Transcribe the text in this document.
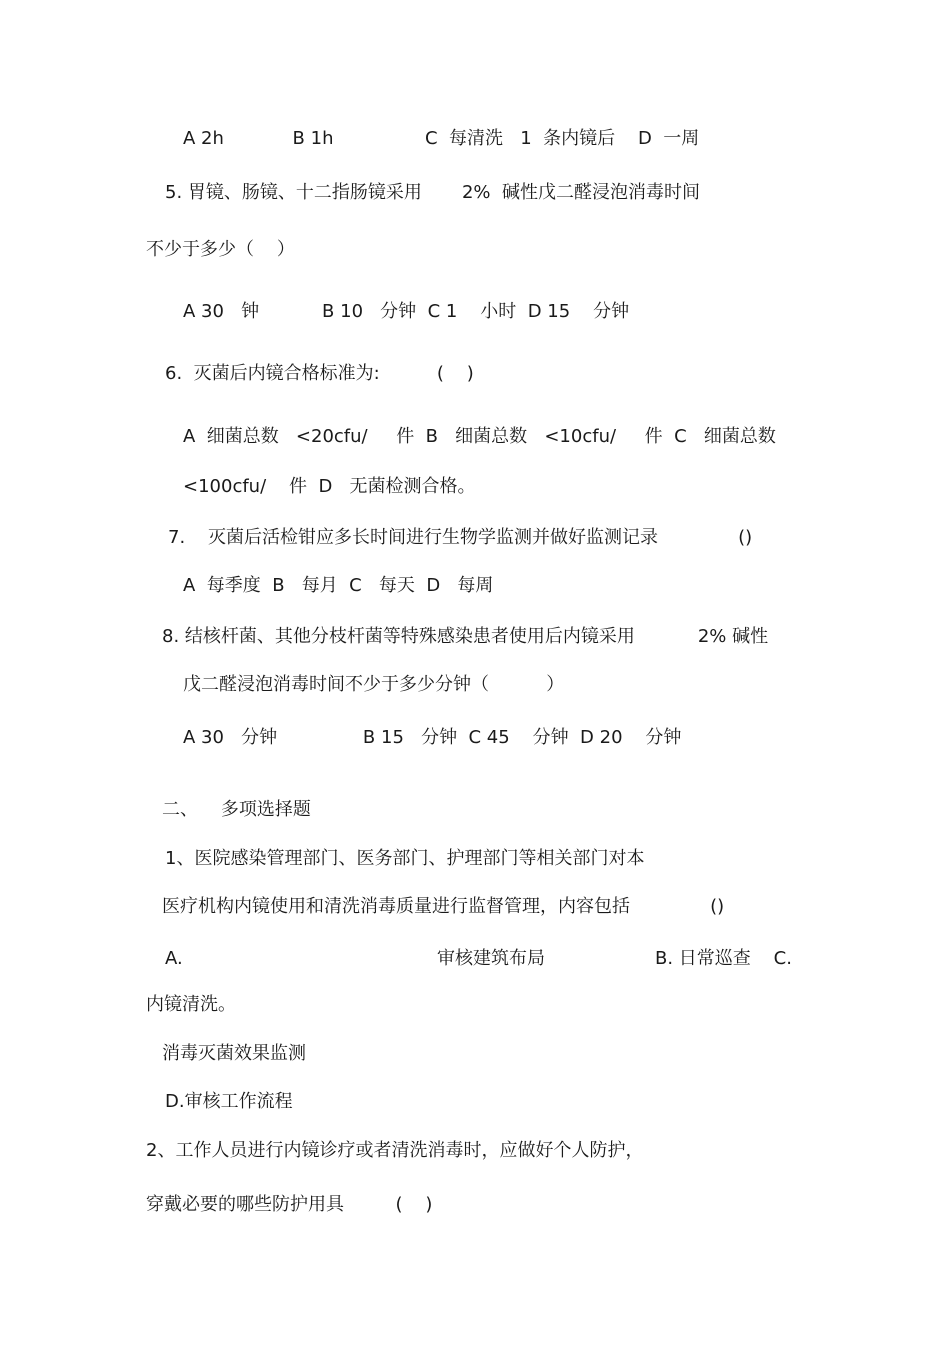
A 2h            B 1h                C  每清洗   1  条内镜后    D  一周
5. 胃镜、肠镜、十二指肠镜采用       2%  碱性戊二醛浸泡消毒时间
不少于多少（    ）
A 30   钟           B 10   分钟  C 1    小时  D 15    分钟
6.  灭菌后内镜合格标准为:          (    )
A  细菌总数   <20cfu/     件  B   细菌总数   <10cfu/     件  C   细菌总数
<100cfu/    件  D   无菌检测合格。
7.    灭菌后活检钳应多长时间进行生物学监测并做好监测记录              ()
A  每季度  B   每月  C   每天  D   每周
8. 结核杆菌、其他分枝杆菌等特殊感染患者使用后内镜采用           2% 碱性
戊二醛浸泡消毒时间不少于多少分钟（          ）
A 30   分钟               B 15   分钟  C 45    分钟  D 20    分钟
二、    多项选择题
1、医院感染管理部门、医务部门、护理部门等相关部门对本
医疗机构内镜使用和清洗消毒质量进行监督管理，内容包括              ()
A.	审核建筑布局	B. 日常巡查    C.
内镜清洗。
消毒灭菌效果监测
D.审核工作流程
2、工作人员进行内镜诊疗或者清洗消毒时，应做好个人防护，
穿戴必要的哪些防护用具         (    )
